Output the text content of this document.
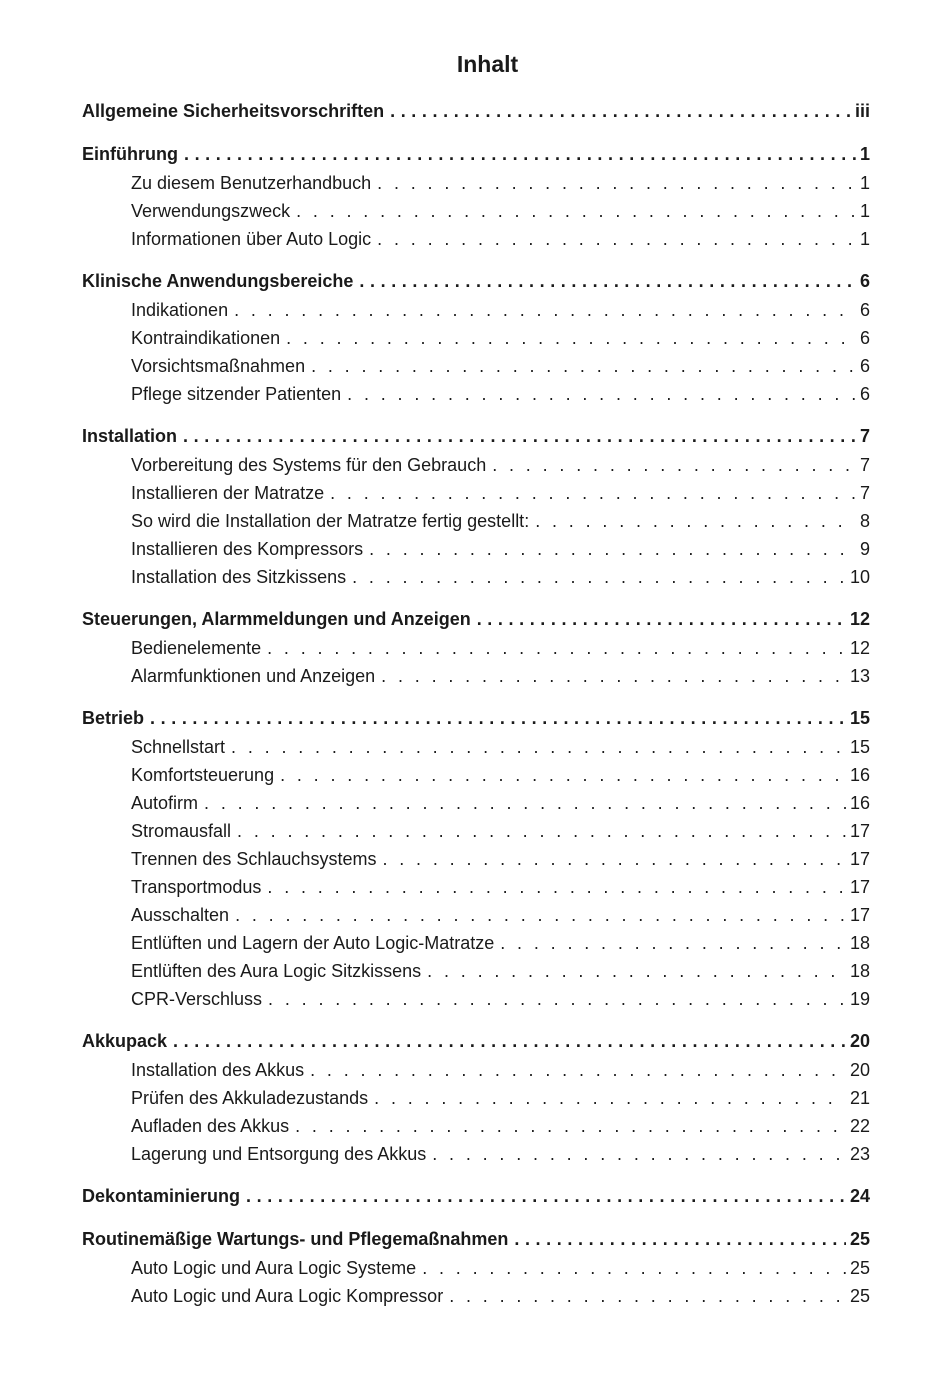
Inhalt
Allgemeine Sicherheitsvorschriften .....	iii
Einführung .....	1
Zu diesem Benutzerhandbuch . . .	1
Verwendungszweck . . .	1
Informationen über Auto Logic . . .	1
Klinische Anwendungsbereiche .....	6
Indikationen . . .	6
Kontraindikationen . . .	6
Vorsichtsmaßnahmen . . .	6
Pflege sitzender Patienten . . .	6
Installation .....	7
Vorbereitung des Systems für den Gebrauch . . .	7
Installieren der Matratze . . .	7
So wird die Installation der Matratze fertig gestellt: . . .	8
Installieren des Kompressors . . .	9
Installation des Sitzkissens . . .	10
Steuerungen, Alarmmeldungen und Anzeigen .....	12
Bedienelemente . . .	12
Alarmfunktionen und Anzeigen . . .	13
Betrieb .....	15
Schnellstart . . .	15
Komfortsteuerung . . .	16
Autofirm . . .	16
Stromausfall . . .	17
Trennen des Schlauchsystems . . .	17
Transportmodus . . .	17
Ausschalten . . .	17
Entlüften und Lagern der Auto Logic-Matratze . . .	18
Entlüften des Aura Logic Sitzkissens . . .	18
CPR-Verschluss . . .	19
Akkupack .....	20
Installation des Akkus . . .	20
Prüfen des Akkuladezustands . . .	21
Aufladen des Akkus . . .	22
Lagerung und Entsorgung des Akkus . . .	23
Dekontaminierung .....	24
Routinemäßige Wartungs- und Pflegemaßnahmen .....	25
Auto Logic und Aura Logic Systeme . . .	25
Auto Logic und Aura Logic Kompressor . . .	25
